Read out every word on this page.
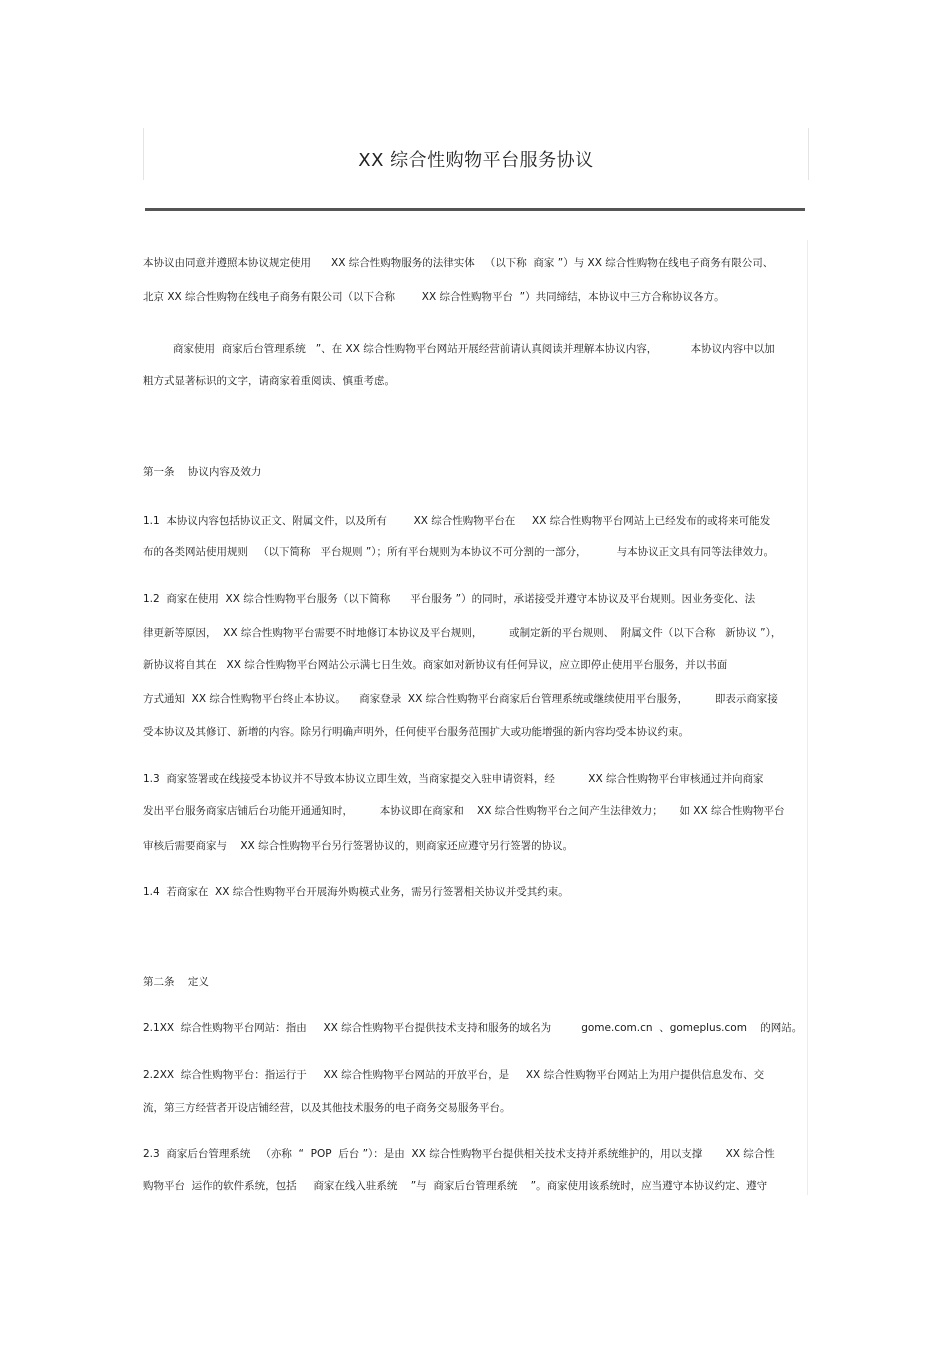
XX 综合性购物平台服务协议
本协议由同意并遵照本协议规定使用      XX 综合性购物服务的法律实体   （以下称  商家 ”）与 XX 综合性购物在线电子商务有限公司、
北京 XX 综合性购物在线电子商务有限公司（以下合称        XX 综合性购物平台  ”）共同缔结，本协议中三方合称协议各方。
商家使用  商家后台管理系统   ”、在 XX 综合性购物平台网站开展经营前请认真阅读并理解本协议内容，          本协议内容中以加
粗方式显著标识的文字，请商家着重阅读、慎重考虑。
第一条    协议内容及效力
1.1  本协议内容包括协议正文、附属文件，以及所有        XX 综合性购物平台在     XX 综合性购物平台网站上已经发布的或将来可能发
布的各类网站使用规则   （以下简称   平台规则 ”）；所有平台规则为本协议不可分割的一部分，         与本协议正文具有同等法律效力。
1.2  商家在使用  XX 综合性购物平台服务（以下简称      平台服务 ”）的同时，承诺接受并遵守本协议及平台规则。因业务变化、法
律更新等原因，  XX 综合性购物平台需要不时地修订本协议及平台规则，        或制定新的平台规则、  附属文件（以下合称   新协议 ”），
新协议将自其在   XX 综合性购物平台网站公示满七日生效。商家如对新协议有任何异议，应立即停止使用平台服务，并以书面
方式通知  XX 综合性购物平台终止本协议。    商家登录  XX 综合性购物平台商家后台管理系统或继续使用平台服务，        即表示商家接
受本协议及其修订、新增的内容。除另行明确声明外，任何使平台服务范围扩大或功能增强的新内容均受本协议约束。
1.3  商家签署或在线接受本协议并不导致本协议立即生效，当商家提交入驻申请资料，经          XX 综合性购物平台审核通过并向商家
发出平台服务商家店铺后台功能开通通知时，        本协议即在商家和    XX 综合性购物平台之间产生法律效力；     如 XX 综合性购物平台
审核后需要商家与    XX 综合性购物平台另行签署协议的，则商家还应遵守另行签署的协议。
1.4  若商家在  XX 综合性购物平台开展海外购模式业务，需另行签署相关协议并受其约束。
第二条    定义
2.1XX  综合性购物平台网站：指由     XX 综合性购物平台提供技术支持和服务的域名为         gome.com.cn  、gomeplus.com    的网站。
2.2XX  综合性购物平台：指运行于     XX 综合性购物平台网站的开放平台，是     XX 综合性购物平台网站上为用户提供信息发布、交
流，第三方经营者开设店铺经营，以及其他技术服务的电子商务交易服务平台。
2.3  商家后台管理系统   （亦称  “  POP  后台 ”）：是由  XX 综合性购物平台提供相关技术支持并系统维护的，用以支撑       XX 综合性
购物平台  运作的软件系统，包括     商家在线入驻系统    ”与  商家后台管理系统    ”。商家使用该系统时，应当遵守本协议约定、遵守
